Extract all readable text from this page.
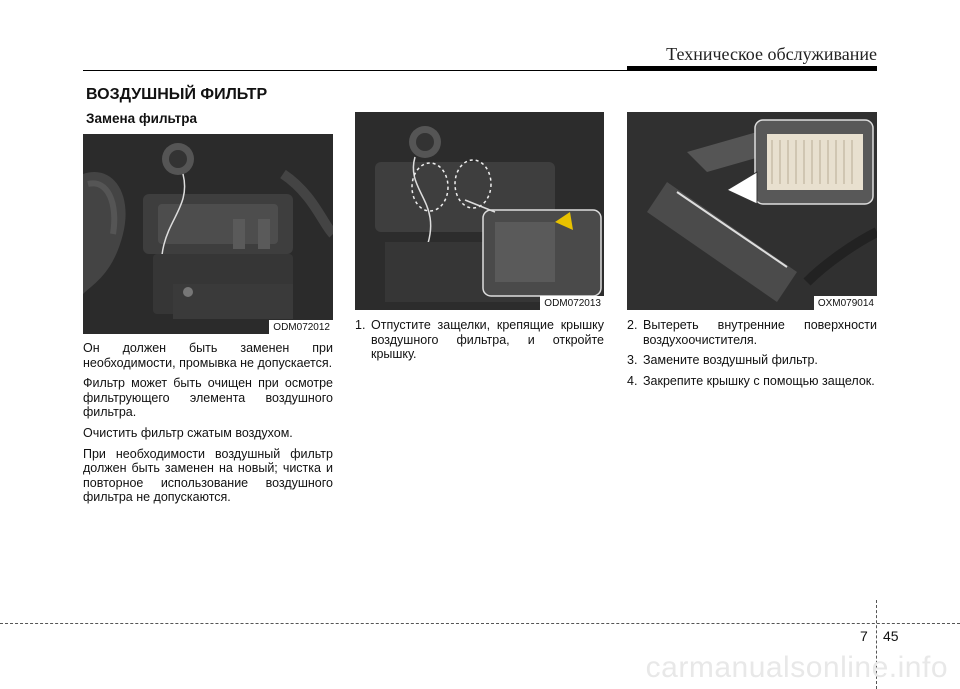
Техническое обслуживание
ВОЗДУШНЫЙ ФИЛЬТР
Замена фильтра
ODM072012
ODM072013	OXM079014

Он должен быть заменен при необходимости, промывка не допускается.

Фильтр может быть очищен при осмотре фильтрующего элемента воздушного фильтра.

Очистить фильтр сжатым воздухом.

При необходимости воздушный фильтр должен быть заменен на новый; чистка и повторное использование воздушного фильтра не допускаются.

1. Отпустите защелки, крепящие крышку воздушного фильтра, и откройте крышку.
2. Вытереть внутренние поверхности воздухоочистителя.
3. Замените воздушный фильтр.
4. Закрепите крышку с помощью защелок.
7 45
carmanualsonline.info
